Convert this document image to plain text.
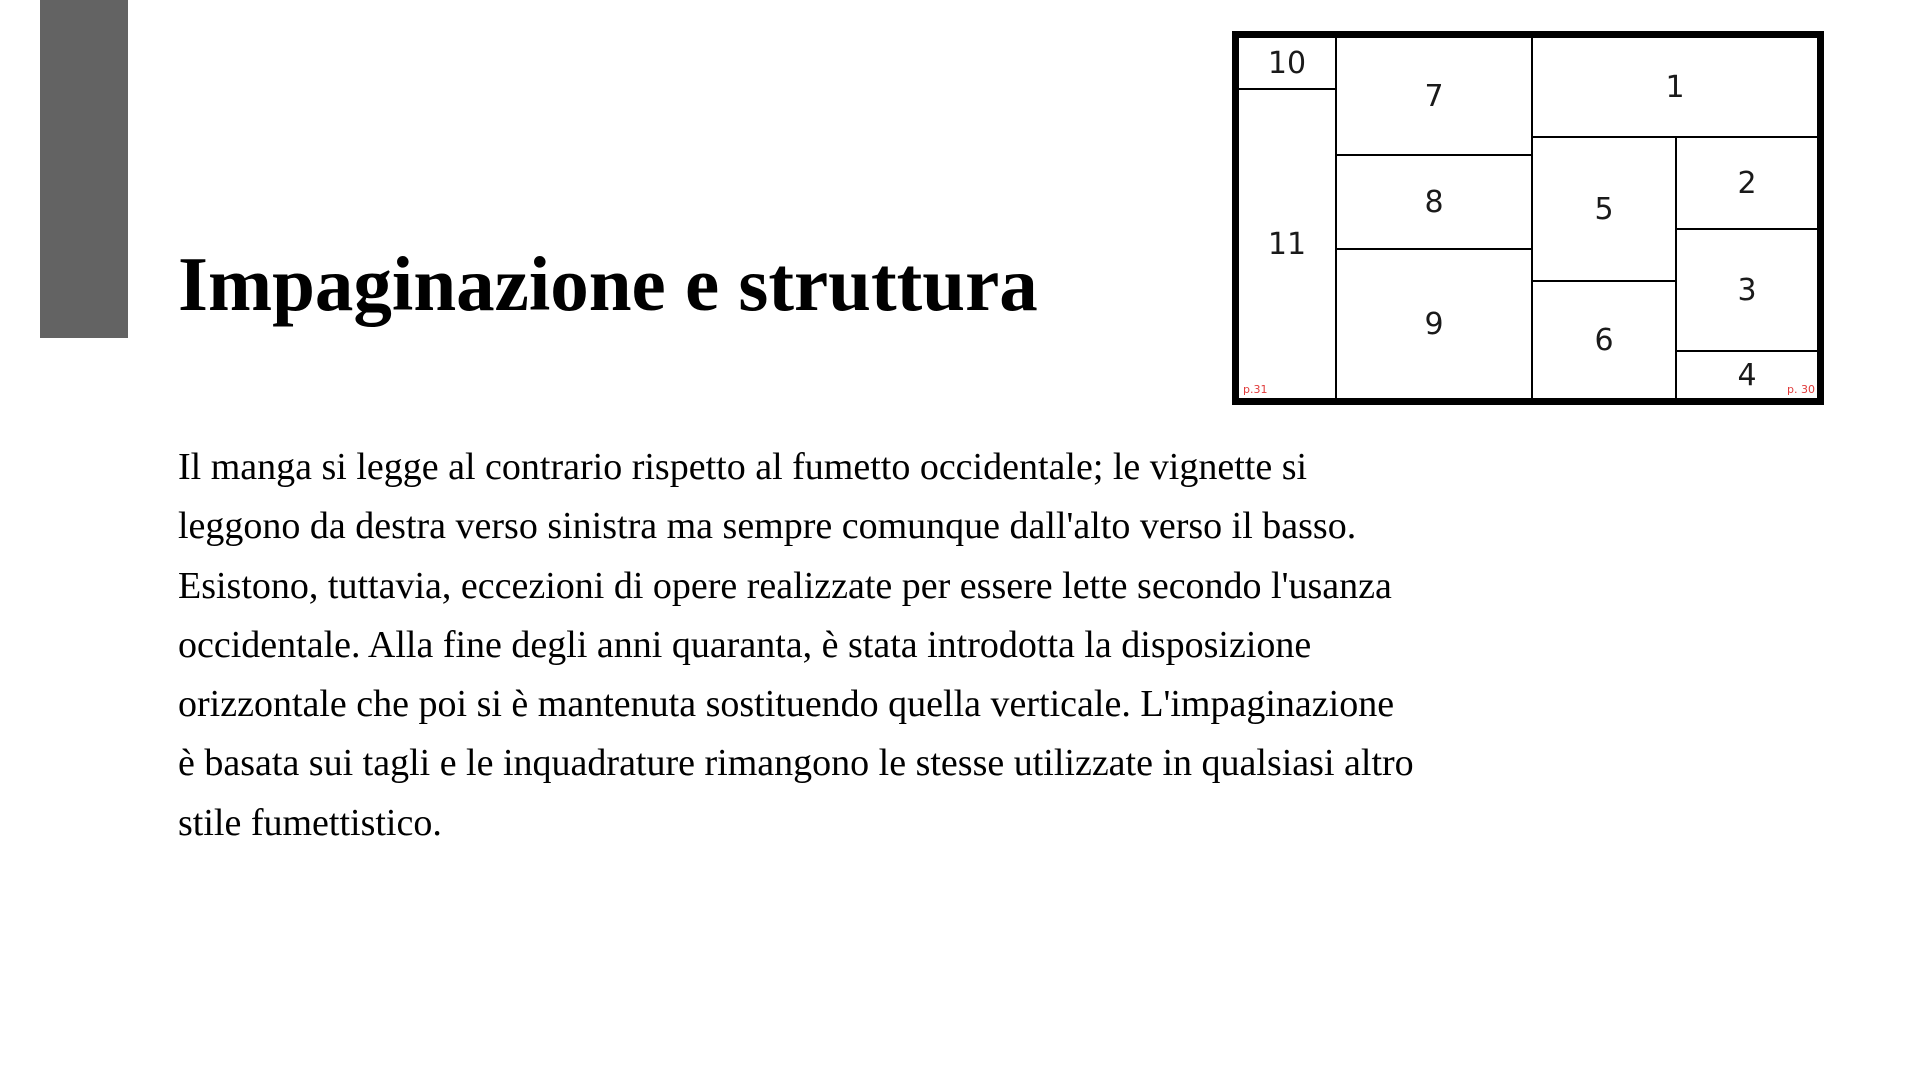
Impaginazione e struttura
Il manga si legge al contrario rispetto al fumetto occidentale; le vignette si
leggono da destra verso sinistra ma sempre comunque dall'alto verso il basso.
Esistono, tuttavia, eccezioni di opere realizzate per essere lette secondo l'usanza
occidentale. Alla fine degli anni quaranta, è stata introdotta la disposizione
orizzontale che poi si è mantenuta sostituendo quella verticale. L'impaginazione
è basata sui tagli e le inquadrature rimangono le stesse utilizzate in qualsiasi altro
stile fumettistico.
10
7
11
8
9
1
5
6
2
3
4
p.31	p. 30
